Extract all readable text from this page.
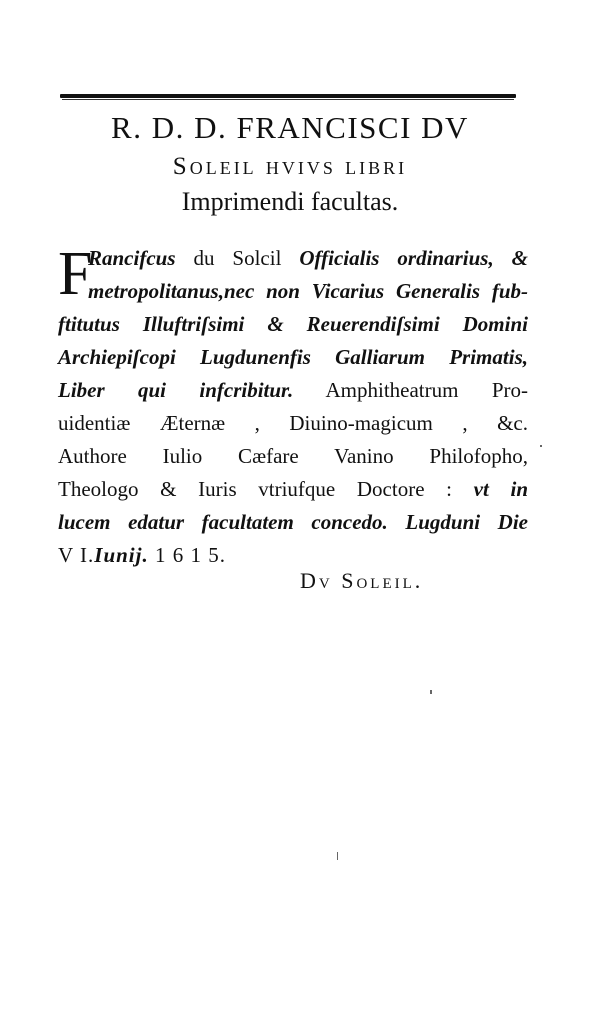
R. D. D. FRANCISCI DV
Soleil hvivs libri
Imprimendi facultas.
F
Rancifcus du Solcil Officialis ordinarius, &
metropolitanus,nec non Vicarius Generalis fub-
ftitutus Illuftriſsimi & Reuerendiſsimi Domini
Archiepiſcopi Lugdunenfis Galliarum Primatis,
Liber qui infcribitur. Amphitheatrum Pro-
uidentiæ Æternæ , Diuino-magicum , &c.
Authore Iulio Cæfare Vanino Philofopho,
Theologo & Iuris vtriufque Doctore : vt in
lucem edatur facultatem concedo. Lugduni Die
V I.Iunij. 1 6 1 5.
Dv Soleil.
